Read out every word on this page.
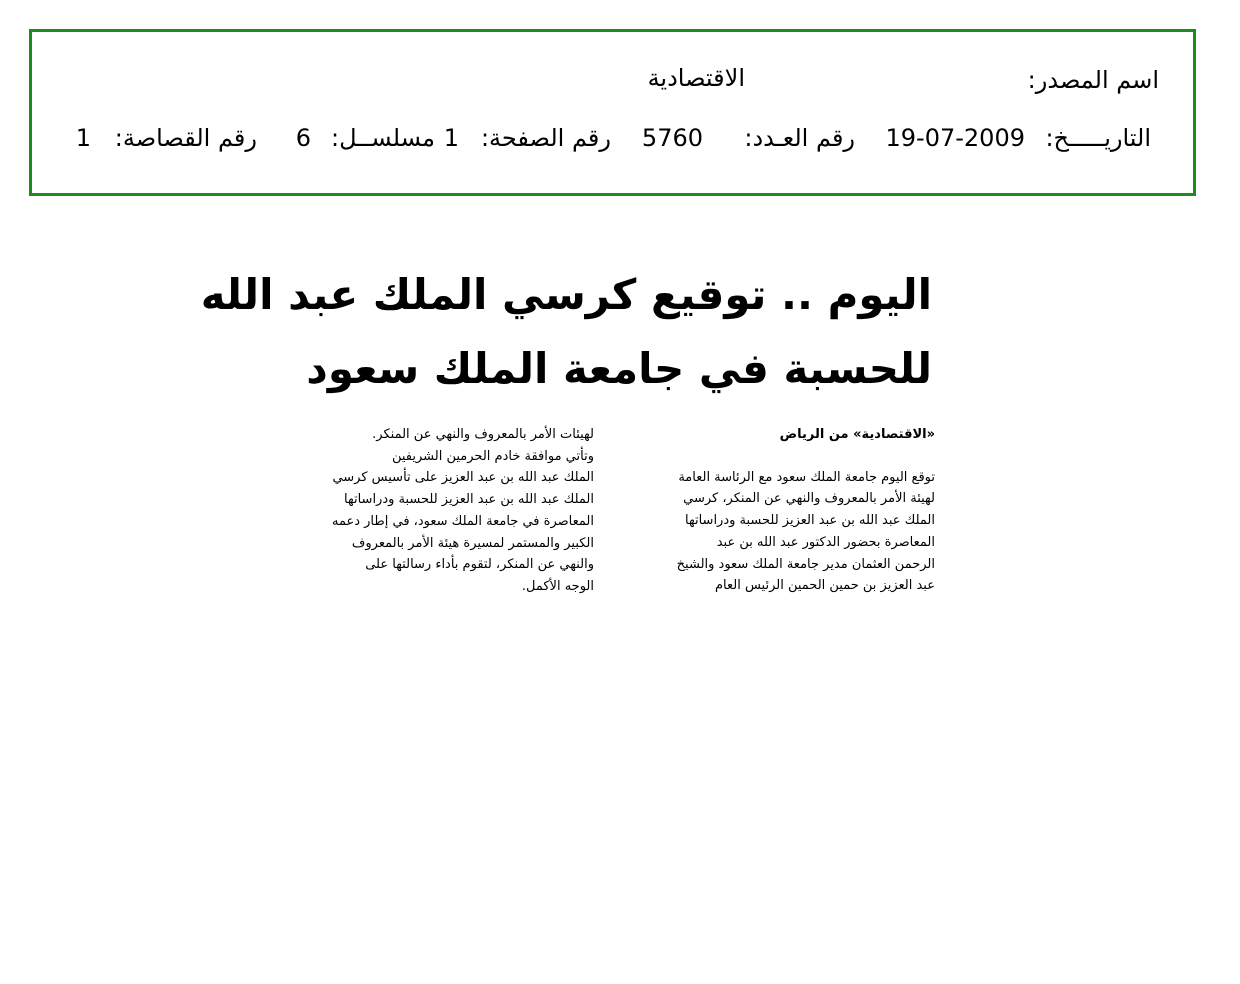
اسم المصدر:
الاقتصادية
التاريـــــخ:
19-07-2009
رقم العـدد:
5760
رقم الصفحة:
1
مسلســل:
6
رقم القصاصة:
1
اليوم .. توقيع كرسي الملك عبد الله
للحسبة في جامعة الملك سعود

«الاقتصادية» من الرياض

توقع اليوم جامعة الملك سعود مع الرئاسة العامة

لهيئة الأمر بالمعروف والنهي عن المنكر، كرسي

الملك عبد الله بن عبد العزيز للحسبة ودراساتها

المعاصرة بحضور الدكتور عبد الله بن عبد

الرحمن العثمان مدير جامعة الملك سعود والشيخ

عبد العزيز بن حمين الحمين الرئيس العام

لهيئات الأمر بالمعروف والنهي عن المنكر.

وتأتي موافقة خادم الحرمين الشريفين

الملك عبد الله بن عبد العزيز على تأسيس كرسي

الملك عبد الله بن عبد العزيز للحسبة ودراساتها

المعاصرة في جامعة الملك سعود، في إطار دعمه

الكبير والمستمر لمسيرة هيئة الأمر بالمعروف

والنهي عن المنكر، لتقوم بأداء رسالتها على

الوجه الأكمل.
